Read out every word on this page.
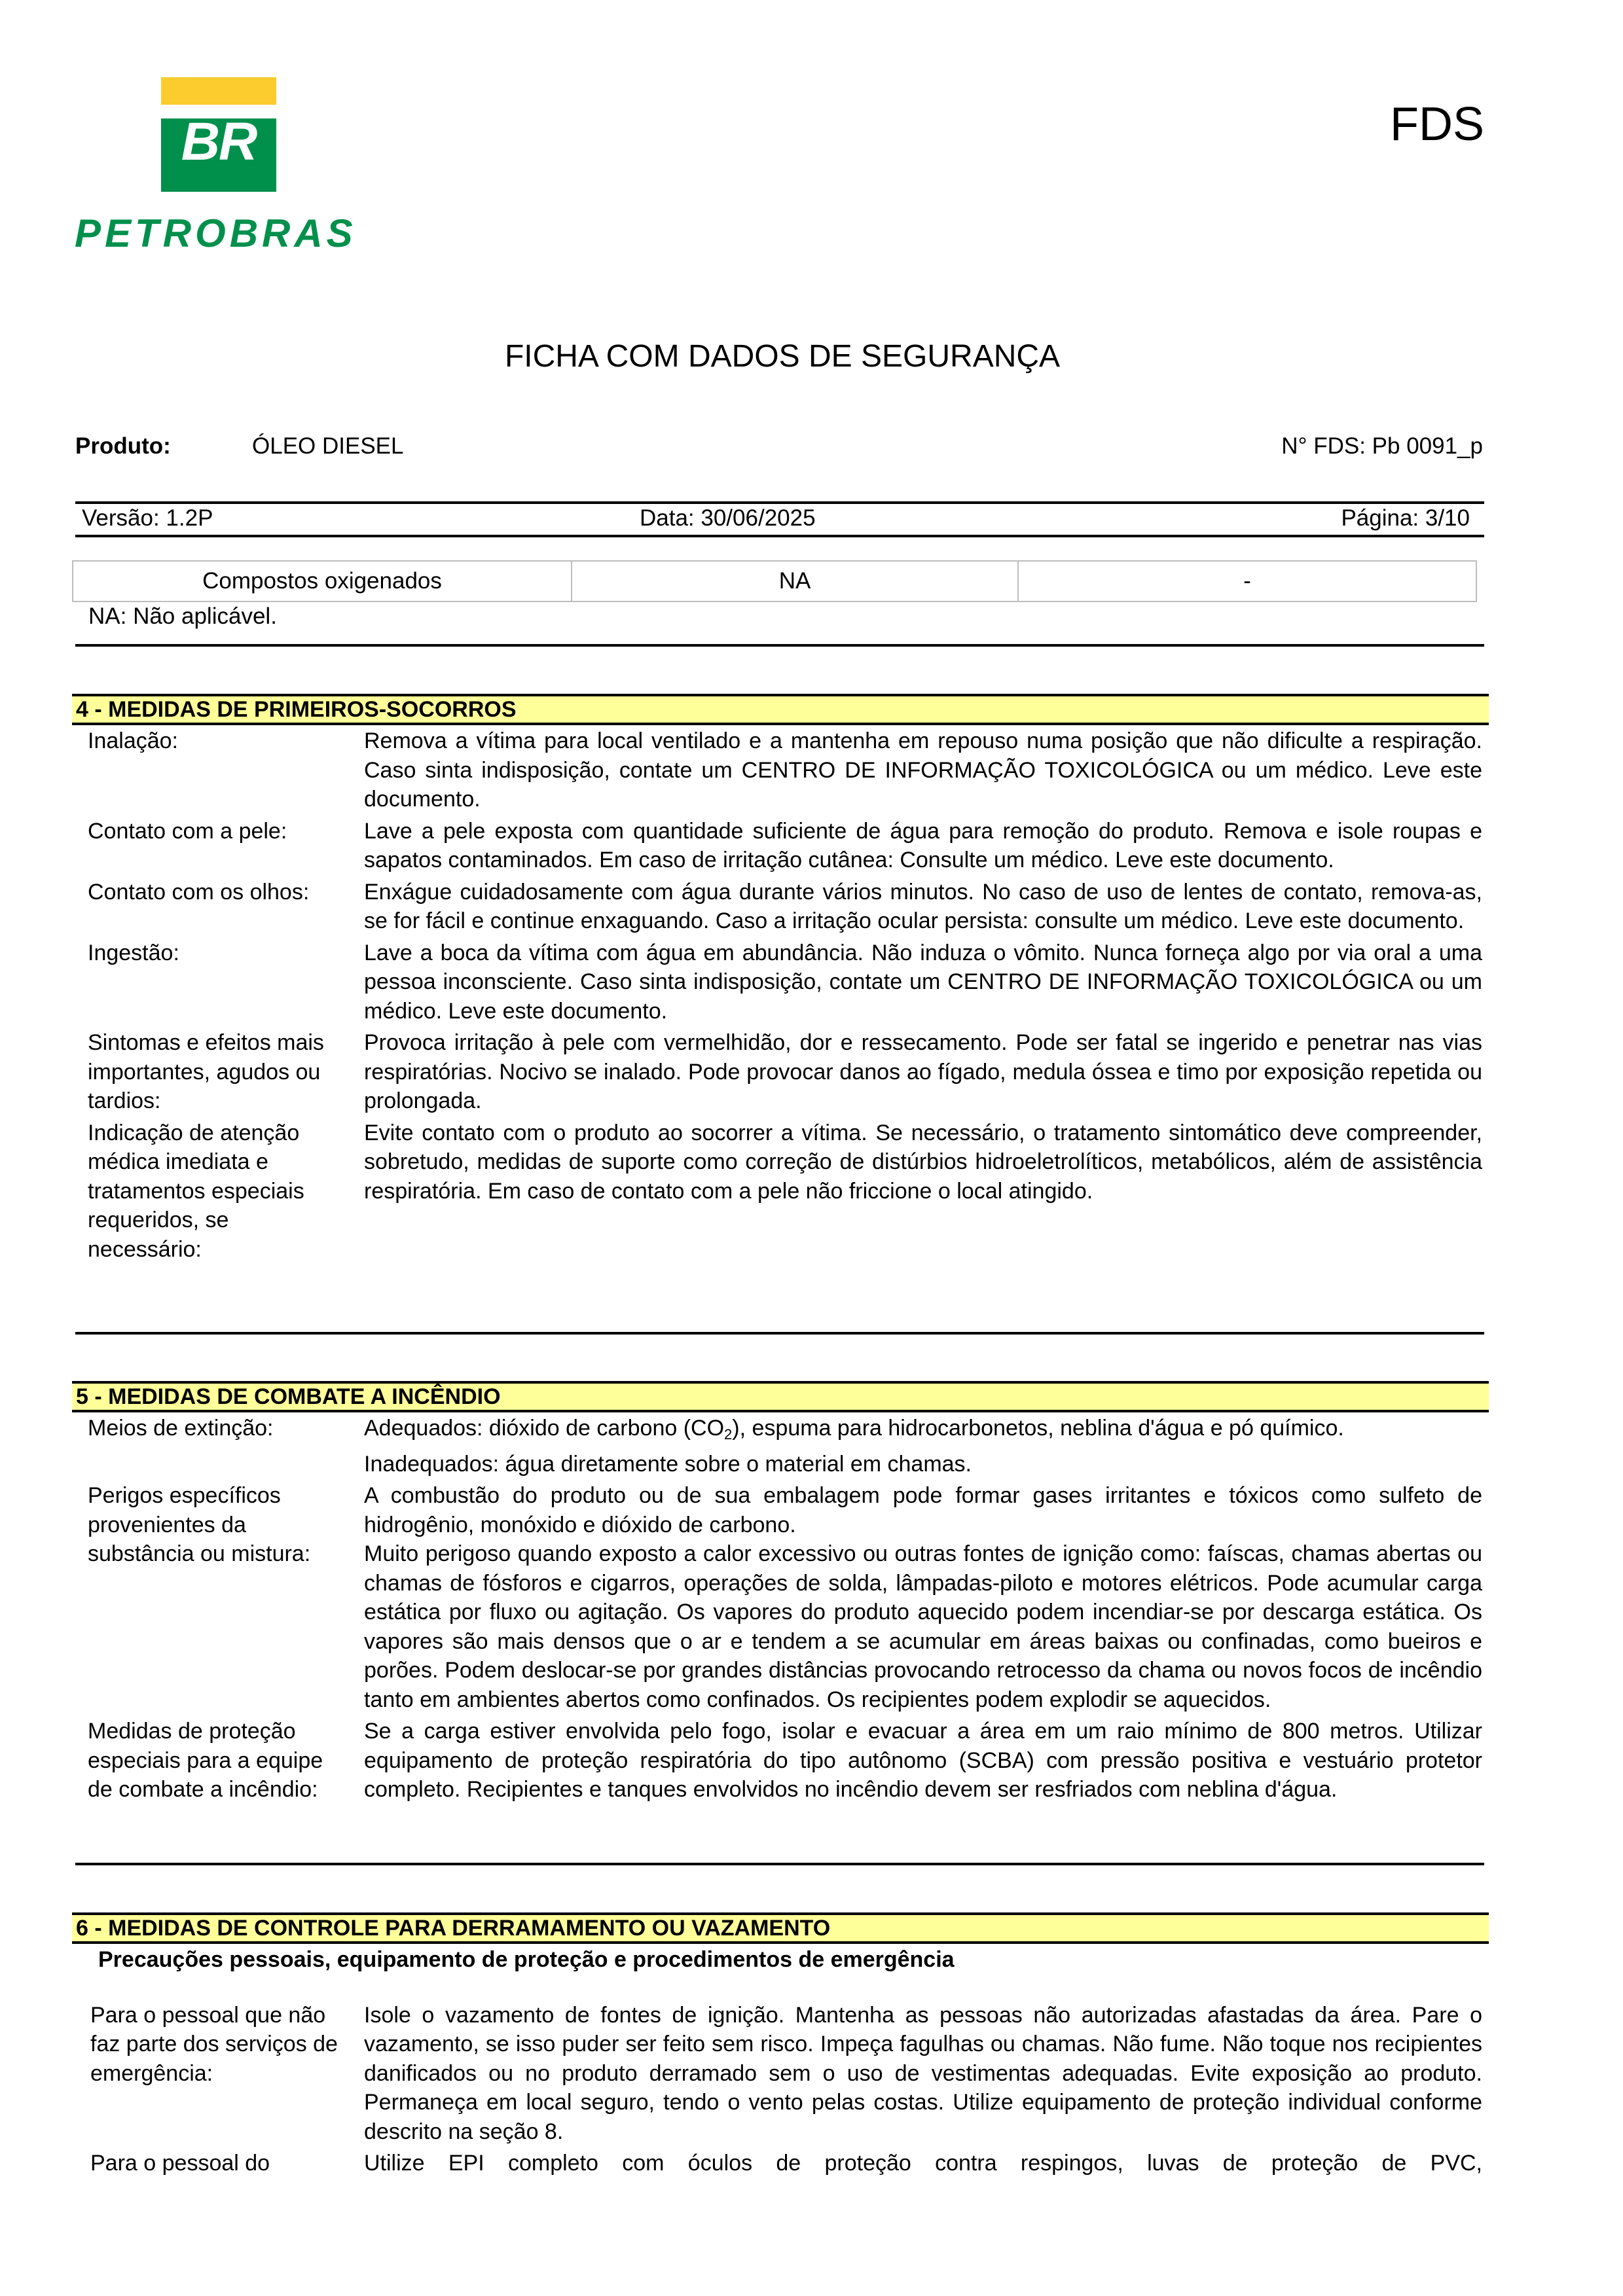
BR
PETROBRAS
FDS
FICHA COM DADOS DE SEGURANÇA
Produto:	ÓLEO DIESEL	N° FDS: Pb 0091_p
Versão: 1.2P	Data: 30/06/2025	Página: 3/10
Compostos oxigenados	NA	-
NA: Não aplicável.
4 - MEDIDAS DE PRIMEIROS-SOCORROS
Inalação:	Remova a vítima para local ventilado e a mantenha em repouso numa posição que não dificulte a respiração. Caso sinta indisposição, contate um CENTRO DE INFORMAÇÃO TOXICOLÓGICA ou um médico. Leve este documento.
Contato com a pele:	Lave a pele exposta com quantidade suficiente de água para remoção do produto. Remova e isole roupas e sapatos contaminados. Em caso de irritação cutânea: Consulte um médico. Leve este documento.
Contato com os olhos:	Enxágue cuidadosamente com água durante vários minutos. No caso de uso de lentes de contato, remova-as, se for fácil e continue enxaguando. Caso a irritação ocular persista: consulte um médico. Leve este documento.
Ingestão:	Lave a boca da vítima com água em abundância. Não induza o vômito. Nunca forneça algo por via oral a uma pessoa inconsciente. Caso sinta indisposição, contate um CENTRO DE INFORMAÇÃO TOXICOLÓGICA ou um médico. Leve este documento.
Sintomas e efeitos mais importantes, agudos ou tardios:
Provoca irritação à pele com vermelhidão, dor e ressecamento. Pode ser fatal se ingerido e penetrar nas vias respiratórias. Nocivo se inalado. Pode provocar danos ao fígado, medula óssea e timo por exposição repetida ou prolongada.
Indicação de atenção médica imediata e tratamentos especiais requeridos, se necessário:
Evite contato com o produto ao socorrer a vítima. Se necessário, o tratamento sintomático deve compreender, sobretudo, medidas de suporte como correção de distúrbios hidroeletrolíticos, metabólicos, além de assistência respiratória. Em caso de contato com a pele não friccione o local atingido.
5 - MEDIDAS DE COMBATE A INCÊNDIO
Meios de extinção:	Adequados: dióxido de carbono $(CO_2)$, espuma para hidrocarbonetos, neblina d'água e pó químico.
Inadequados: água diretamente sobre o material em chamas.
Perigos específicos provenientes da substância ou mistura:
A combustão do produto ou de sua embalagem pode formar gases irritantes e tóxicos como sulfeto de hidrogênio, monóxido e dióxido de carbono.
Muito perigoso quando exposto a calor excessivo ou outras fontes de ignição como: faíscas, chamas abertas ou chamas de fósforos e cigarros, operações de solda, lâmpadas-piloto e motores elétricos. Pode acumular carga estática por fluxo ou agitação. Os vapores do produto aquecido podem incendiar-se por descarga estática. Os vapores são mais densos que o ar e tendem a se acumular em áreas baixas ou confinadas, como bueiros e porões. Podem deslocar-se por grandes distâncias provocando retrocesso da chama ou novos focos de incêndio tanto em ambientes abertos como confinados. Os recipientes podem explodir se aquecidos.
Medidas de proteção especiais para a equipe de combate a incêndio:
Se a carga estiver envolvida pelo fogo, isolar e evacuar a área em um raio mínimo de 800 metros. Utilizar equipamento de proteção respiratória do tipo autônomo (SCBA) com pressão positiva e vestuário protetor completo. Recipientes e tanques envolvidos no incêndio devem ser resfriados com neblina d'água.
6 - MEDIDAS DE CONTROLE PARA DERRAMAMENTO OU VAZAMENTO
Precauções pessoais, equipamento de proteção e procedimentos de emergência
Para o pessoal que não faz parte dos serviços de emergência:
Isole o vazamento de fontes de ignição. Mantenha as pessoas não autorizadas afastadas da área. Pare o vazamento, se isso puder ser feito sem risco. Impeça fagulhas ou chamas. Não fume. Não toque nos recipientes danificados ou no produto derramado sem o uso de vestimentas adequadas. Evite exposição ao produto. Permaneça em local seguro, tendo o vento pelas costas. Utilize equipamento de proteção individual conforme descrito na seção 8.
Para o pessoal do	Utilize EPI completo com óculos de proteção contra respingos, luvas de proteção de PVC,
